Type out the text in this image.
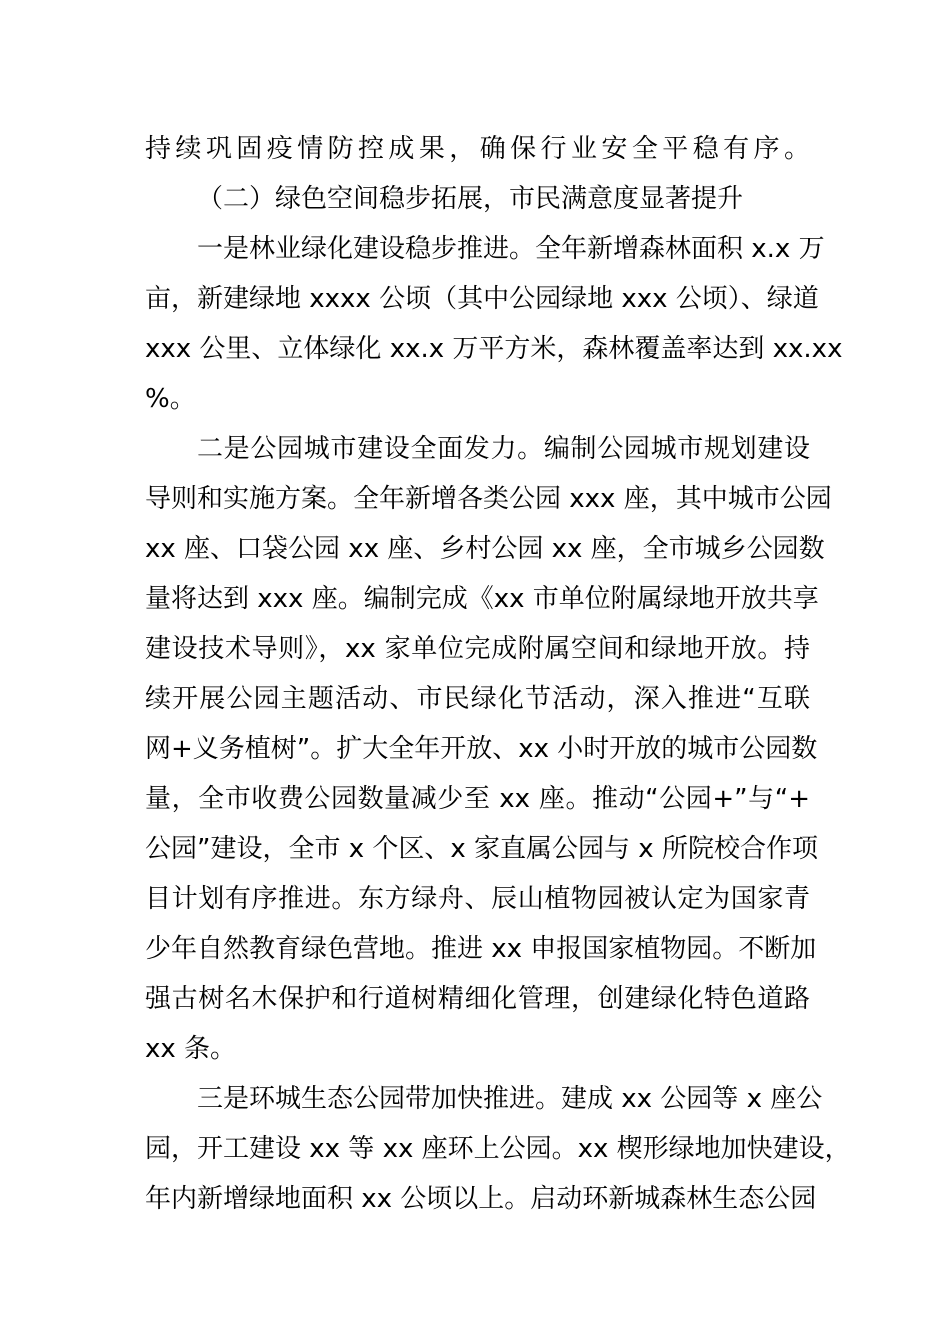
持续巩固疫情防控成果，确保行业安全平稳有序。
（二）绿色空间稳步拓展，市民满意度显著提升
一是林业绿化建设稳步推进。全年新增森林面积 x.x 万
亩，新建绿地 xxxx 公顷（其中公园绿地 xxx 公顷）、绿道
xxx 公里、立体绿化 xx.x 万平方米，森林覆盖率达到 xx.xx
%。
二是公园城市建设全面发力。编制公园城市规划建设
导则和实施方案。全年新增各类公园 xxx 座，其中城市公园
xx 座、口袋公园 xx 座、乡村公园 xx 座，全市城乡公园数
量将达到 xxx 座。编制完成《xx 市单位附属绿地开放共享
建设技术导则》，xx 家单位完成附属空间和绿地开放。持
续开展公园主题活动、市民绿化节活动，深入推进“互联
网+义务植树”。扩大全年开放、xx 小时开放的城市公园数
量，全市收费公园数量减少至 xx 座。推动“公园+”与“+
公园”建设，全市 x 个区、x 家直属公园与 x 所院校合作项
目计划有序推进。东方绿舟、辰山植物园被认定为国家青
少年自然教育绿色营地。推进 xx 申报国家植物园。不断加
强古树名木保护和行道树精细化管理，创建绿化特色道路
xx 条。
三是环城生态公园带加快推进。建成 xx 公园等 x 座公
园，开工建设 xx 等 xx 座环上公园。xx 楔形绿地加快建设，
年内新增绿地面积 xx 公顷以上。启动环新城森林生态公园
